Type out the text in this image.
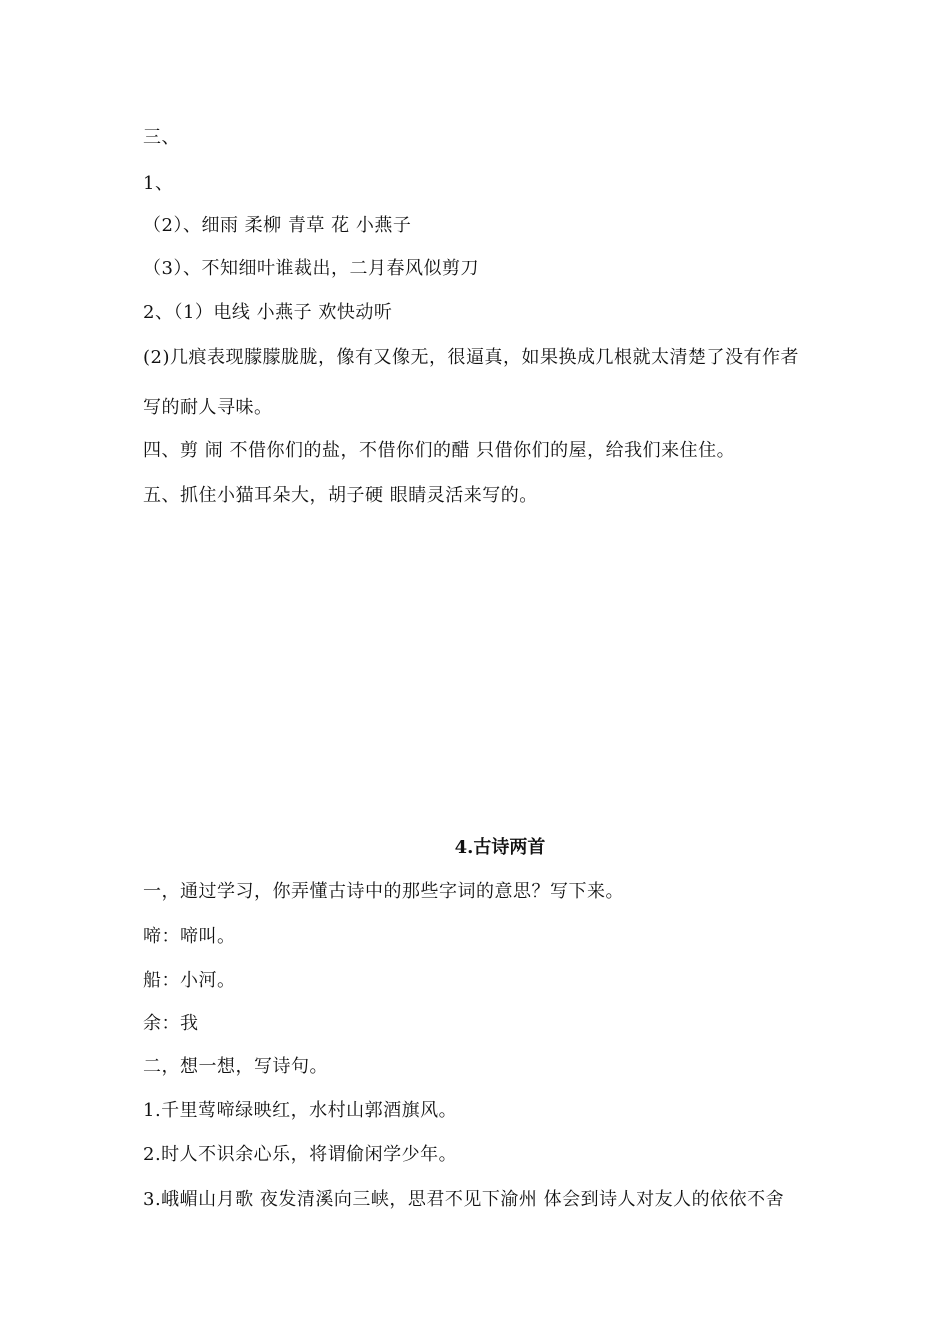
三、
1、
（2）、细雨 柔柳 青草 花 小燕子
（3）、不知细叶谁裁出，二月春风似剪刀
2、（1）电线 小燕子 欢快动听
(2)几痕表现朦朦胧胧，像有又像无，很逼真，如果换成几根就太清楚了没有作者
写的耐人寻味。
四、剪 闹 不借你们的盐，不借你们的醋 只借你们的屋，给我们来住住。
五、抓住小猫耳朵大，胡子硬 眼睛灵活来写的。
4.古诗两首
一，通过学习，你弄懂古诗中的那些字词的意思？写下来。
啼：啼叫。
船：小河。
余：我
二，想一想，写诗句。
1.千里莺啼绿映红，水村山郭酒旗风。
2.时人不识余心乐，将谓偷闲学少年。
3.峨嵋山月歌 夜发清溪向三峡，思君不见下渝州 体会到诗人对友人的依依不舍
